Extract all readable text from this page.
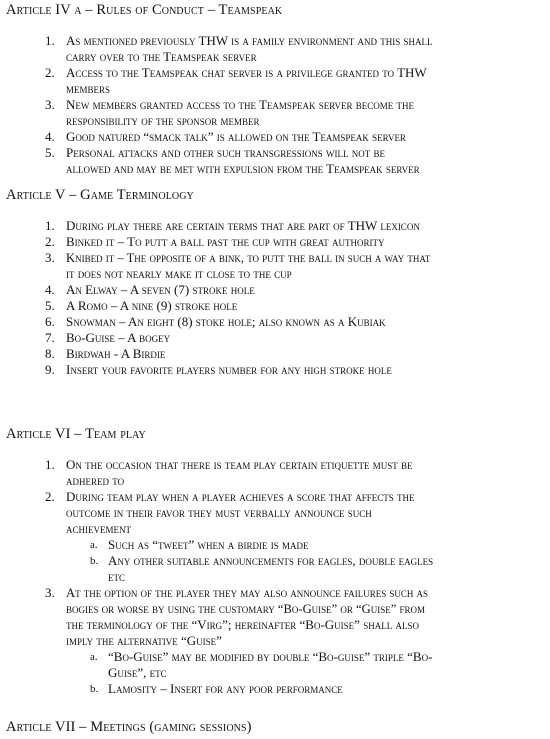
Article IV a – Rules of Conduct – Teamspeak
1. As mentioned previously THW is a family environment and this shall
carry over to the Teamspeak server
2. Access to the Teamspeak chat server is a privilege granted to THW
members
3. New members granted access to the Teamspeak server become the
responsibility of the sponsor member
4. Good natured “smack talk” is allowed on the Teamspeak server
5. Personal attacks and other such transgressions will not be
allowed and may be met with expulsion from the Teamspeak server
Article V – Game Terminology
1. During play there are certain terms that are part of THW lexicon
2. Binked it – To putt a ball past the cup with great authority
3. Knibed it – The opposite of a bink, to putt the ball in such a way that
it does not nearly make it close to the cup
4. An Elway – A seven (7) stroke hole
5. A Romo – A nine (9) stroke hole
6. Snowman – An eight (8) stoke hole; also known as a Kubiak
7. Bo-Guise – A bogey
8. Birdwah - A Birdie
9. Insert your favorite players number for any high stroke hole
Article VI – Team play
1. On the occasion that there is team play certain etiquette must be
adhered to
2. During team play when a player achieves a score that affects the
outcome in their favor they must verbally announce such
achievement
a. Such as “tweet” when a birdie is made
b. Any other suitable announcements for eagles, double eagles
etc
3. At the option of the player they may also announce failures such as
bogies or worse by using the customary “Bo-Guise” or “Guise” from
the terminology of the “Virg”; hereinafter “Bo-Guise” shall also
imply the alternative “Guise”
a. “Bo-Guise” may be modified by double “Bo-guise” triple “Bo-
Guise”, etc
b. Lamosity – Insert for any poor performance
Article VII – Meetings (gaming sessions)
